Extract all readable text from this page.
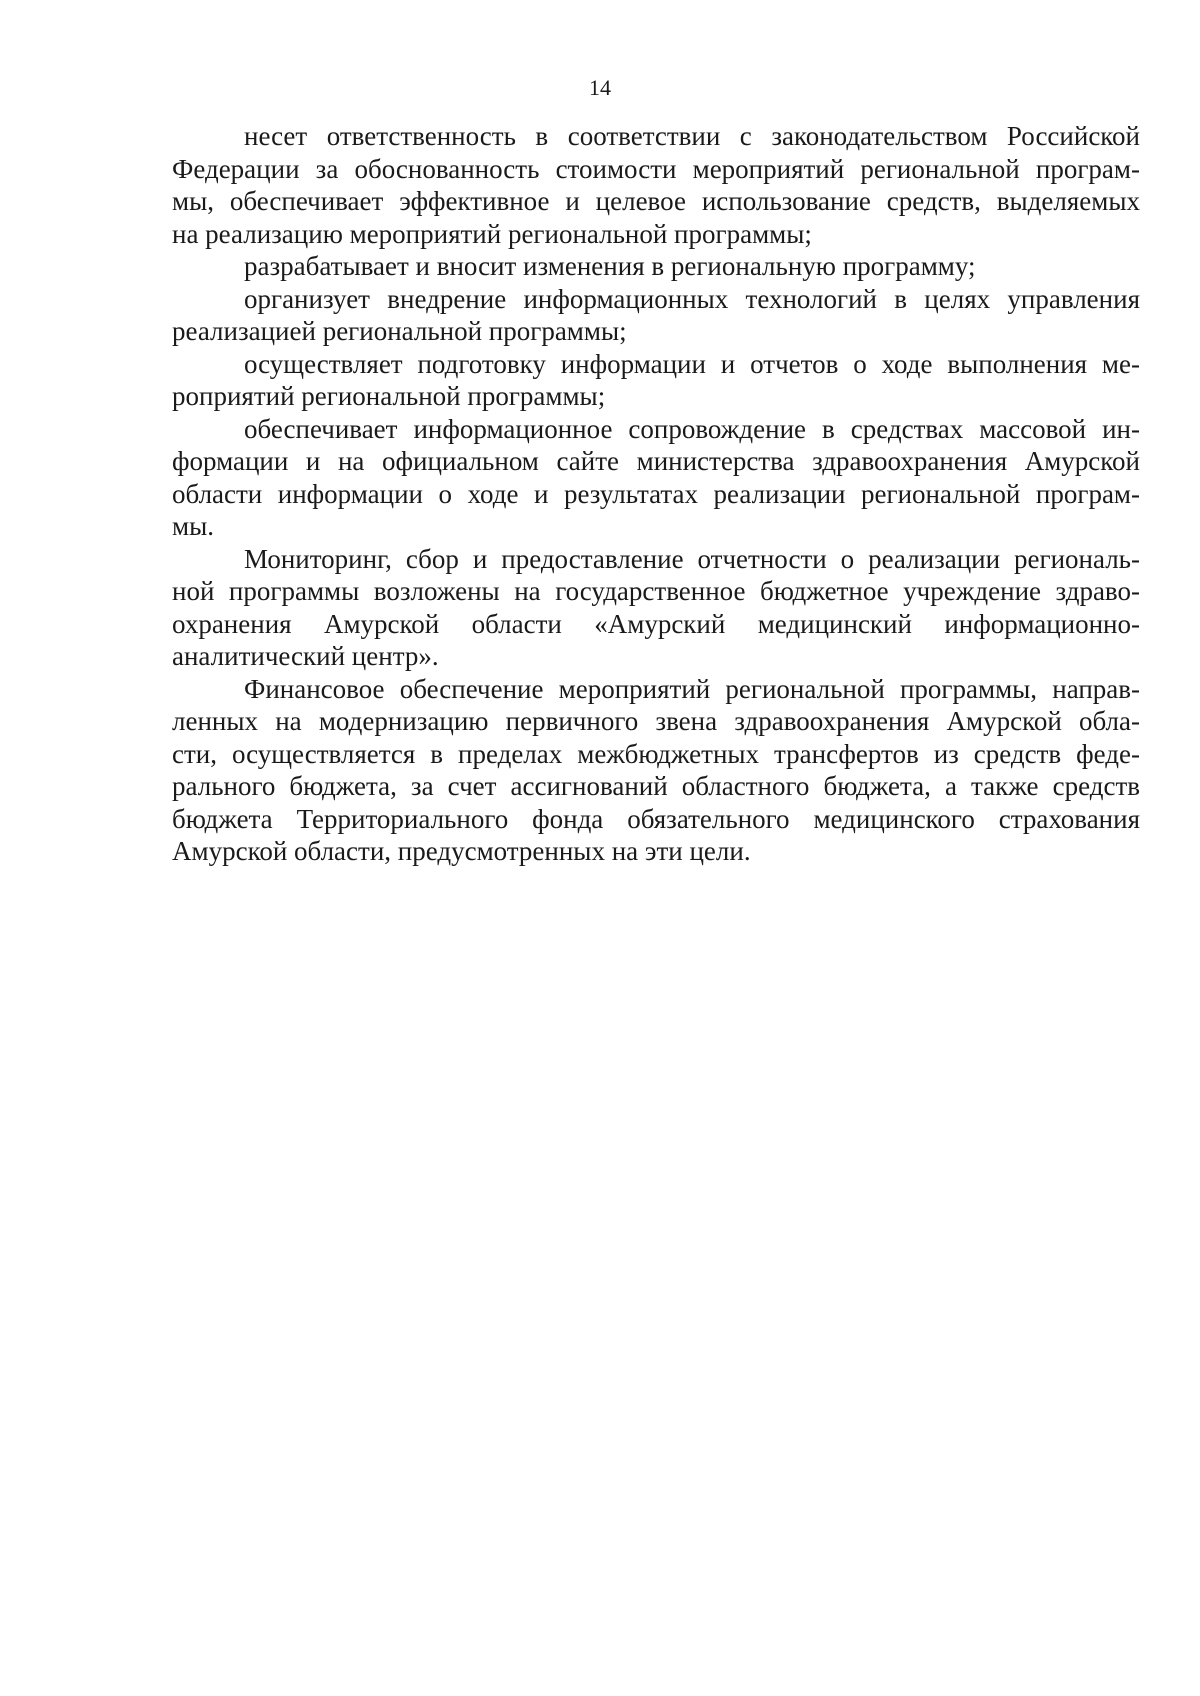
14
несет ответственность в соответствии с законодательством Российской
Федерации за обоснованность стоимости мероприятий региональной програм-
мы, обеспечивает эффективное и целевое использование средств, выделяемых
на реализацию мероприятий региональной программы;
разрабатывает и вносит изменения в региональную программу;
организует внедрение информационных технологий в целях управления
реализацией региональной программы;
осуществляет подготовку информации и отчетов о ходе выполнения ме-
роприятий региональной программы;
обеспечивает информационное сопровождение в средствах массовой ин-
формации и на официальном сайте министерства здравоохранения Амурской
области информации о ходе и результатах реализации региональной програм-
мы.
Мониторинг, сбор и предоставление отчетности о реализации региональ-
ной программы возложены на государственное бюджетное учреждение здраво-
охранения Амурской области «Амурский медицинский информационно-
аналитический центр».
Финансовое обеспечение мероприятий региональной программы, направ-
ленных на модернизацию первичного звена здравоохранения Амурской обла-
сти, осуществляется в пределах межбюджетных трансфертов из средств феде-
рального бюджета, за счет ассигнований областного бюджета, а также средств
бюджета Территориального фонда обязательного медицинского страхования
Амурской области, предусмотренных на эти цели.
